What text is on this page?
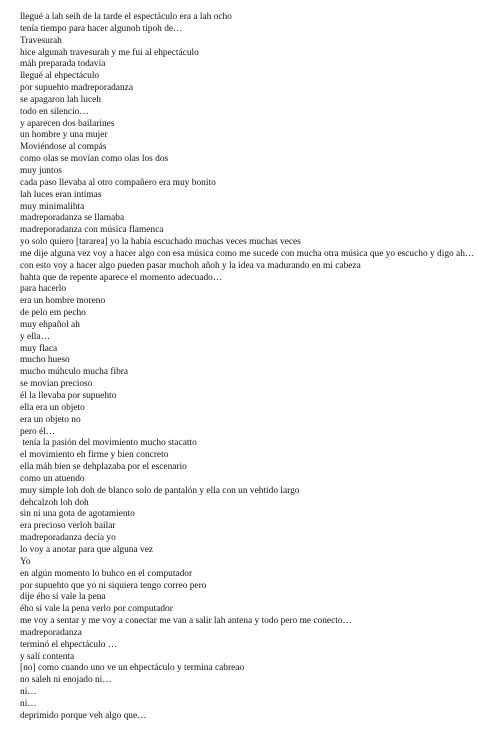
llegué a lah seih de la tarde el espectáculo era a lah ocho
tenía tiempo para hacer algunoh tipoh de…
Travesurah
hice algunah travesurah y me fui al ehpectáculo
máh preparada todavía
llegué al ehpectáculo
por supuehto madreporadanza
se apagaron lah luceh
todo en silencio…
y aparecen dos bailarines
un hombre y una mujer
Moviéndose al compás
como olas se movían como olas los dos
muy juntos
cada paso llevaba al otro compañero era muy bonito
lah luces eran íntimas
muy minimalihta
madreporadanza se llamaba
madreporadanza con música flamenca
yo solo quiero [tararea] yo la había escuchado muchas veces muchas veces
me dije alguna vez voy a hacer algo con esa música como me sucede con mucha otra música que yo escucho y digo ah…
con esto voy a hacer algo pueden pasar muchoh añoh y la idea va madurando en mi cabeza
hahta que de repente aparece el momento adecuado…
para hacerlo
era un hombre moreno
de pelo em pecho
muy ehpañol ah
y ella…
muy flaca
mucho hueso
mucho múhculo mucha fibra
se movían precioso
él la llevaba por supuehto
ella era un objeto
era un objeto no
pero él…
tenía la pasión del movimiento mucho stacatto
el movimiento eh firme y bien concreto
ella máh bien se dehplazaba por el escenario
como un atuendo
muy simple loh doh de blanco solo de pantalón y ella con un vehtido largo
dehcalzoh loh doh
sin ni una gota de agotamiento
era precioso verloh bailar
madreporadanza decía yo
lo voy a anotar para que alguna vez
Yo
en algún momento lo buhco en el computador
por supuehto que yo ni siquiera tengo correo pero
dije ého sí vale la pena
ého sí vale la pena verlo por computador
me voy a sentar y me voy a conectar me van a salir lah antena y todo pero me conecto…
madreporadanza
terminó el ehpectáculo …
y salí contenta
[no] como cuando uno ve un ehpectáculo y termina cabreao
no saleh ni enojado ni…
ni…
ni…
deprimido porque veh algo que…
